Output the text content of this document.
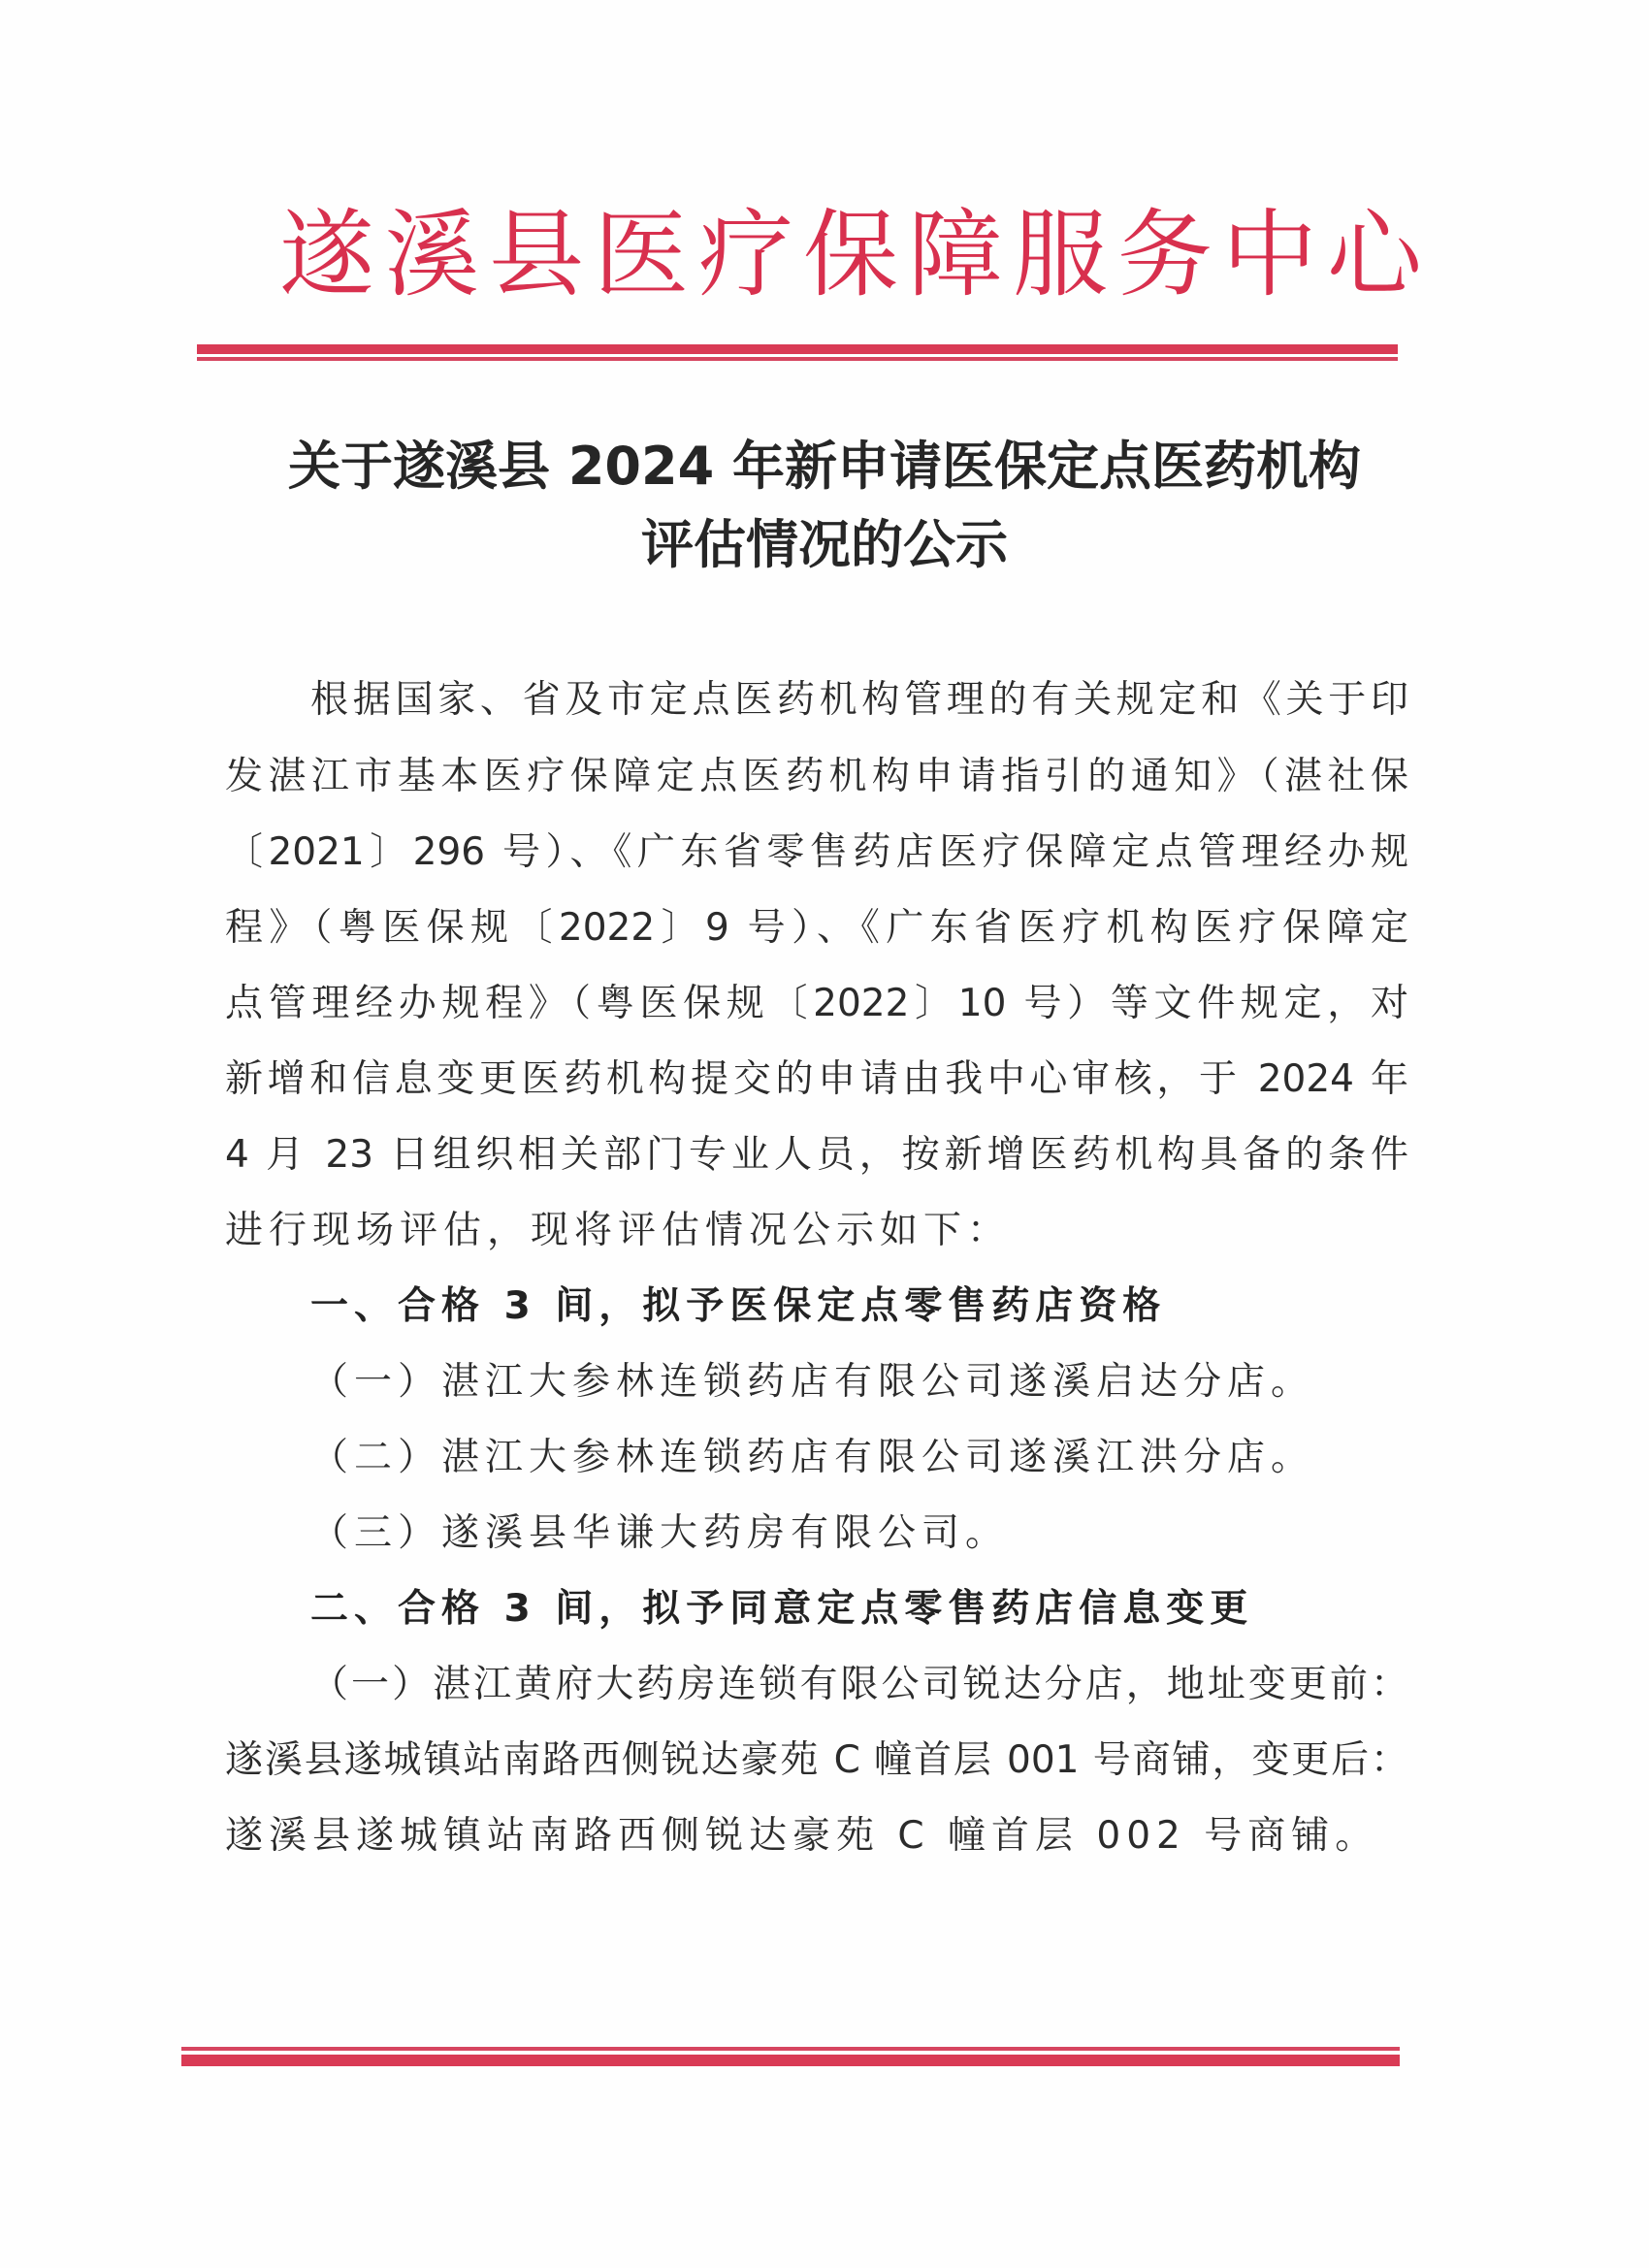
遂溪县医疗保障服务中心
关于遂溪县 2024 年新申请医保定点医药机构
评估情况的公示
根据国家、省及市定点医药机构管理的有关规定和《关于印
发湛江市基本医疗保障定点医药机构申请指引的通知》（湛社保
〔2021〕296 号）、《广东省零售药店医疗保障定点管理经办规
程》（粤医保规〔2022〕9 号）、《广东省医疗机构医疗保障定
点管理经办规程》（粤医保规〔2022〕10 号）等文件规定，对
新增和信息变更医药机构提交的申请由我中心审核，于 2024 年
4 月 23 日组织相关部门专业人员，按新增医药机构具备的条件
进行现场评估，现将评估情况公示如下：
一、合格 3 间，拟予医保定点零售药店资格
（一）湛江大参林连锁药店有限公司遂溪启达分店。
（二）湛江大参林连锁药店有限公司遂溪江洪分店。
（三）遂溪县华谦大药房有限公司。
二、合格 3 间，拟予同意定点零售药店信息变更
（一）湛江黄府大药房连锁有限公司锐达分店，地址变更前：
遂溪县遂城镇站南路西侧锐达豪苑 C 幢首层 001 号商铺，变更后：
遂溪县遂城镇站南路西侧锐达豪苑 C 幢首层 002 号商铺。
